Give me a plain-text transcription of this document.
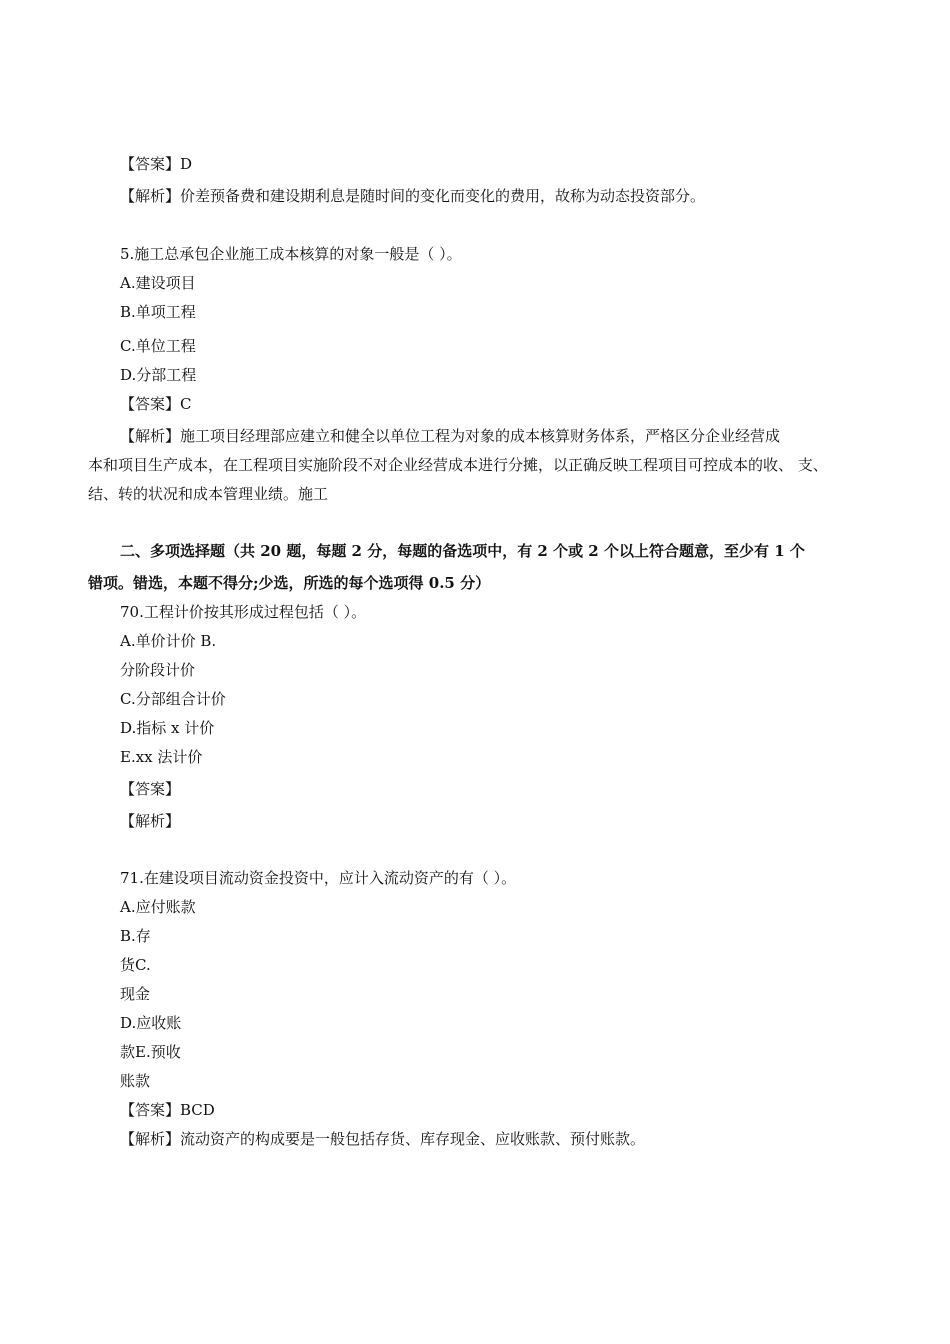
【答案】D
【解析】价差预备费和建设期利息是随时间的变化而变化的费用，故称为动态投资部分。
5.施工总承包企业施工成本核算的对象一般是（ ）。
A.建设项目
B.单项工程
C.单位工程
D.分部工程
【答案】C
【解析】施工项目经理部应建立和健全以单位工程为对象的成本核算财务体系，严格区分企业经营成
本和项目生产成本，在工程项目实施阶段不对企业经营成本进行分摊，以正确反映工程项目可控成本的收、 支、
结、转的状况和成本管理业绩。施工
二、多项选择题（共 20 题，每题 2 分，每题的备选项中，有 2 个或 2 个以上符合题意，至少有 1 个
错项。错选，本题不得分;少选，所选的每个选项得 0.5 分）
70.工程计价按其形成过程包括（ ）。
A.单价计价 B.
分阶段计价
C.分部组合计价
D.指标 x 计价
E.xx 法计价
【答案】
【解析】
71.在建设项目流动资金投资中，应计入流动资产的有（ ）。
A.应付账款
B.存
货C.
现金
D.应收账
款E.预收
账款
【答案】BCD
【解析】流动资产的构成要是一般包括存货、库存现金、应收账款、预付账款。
